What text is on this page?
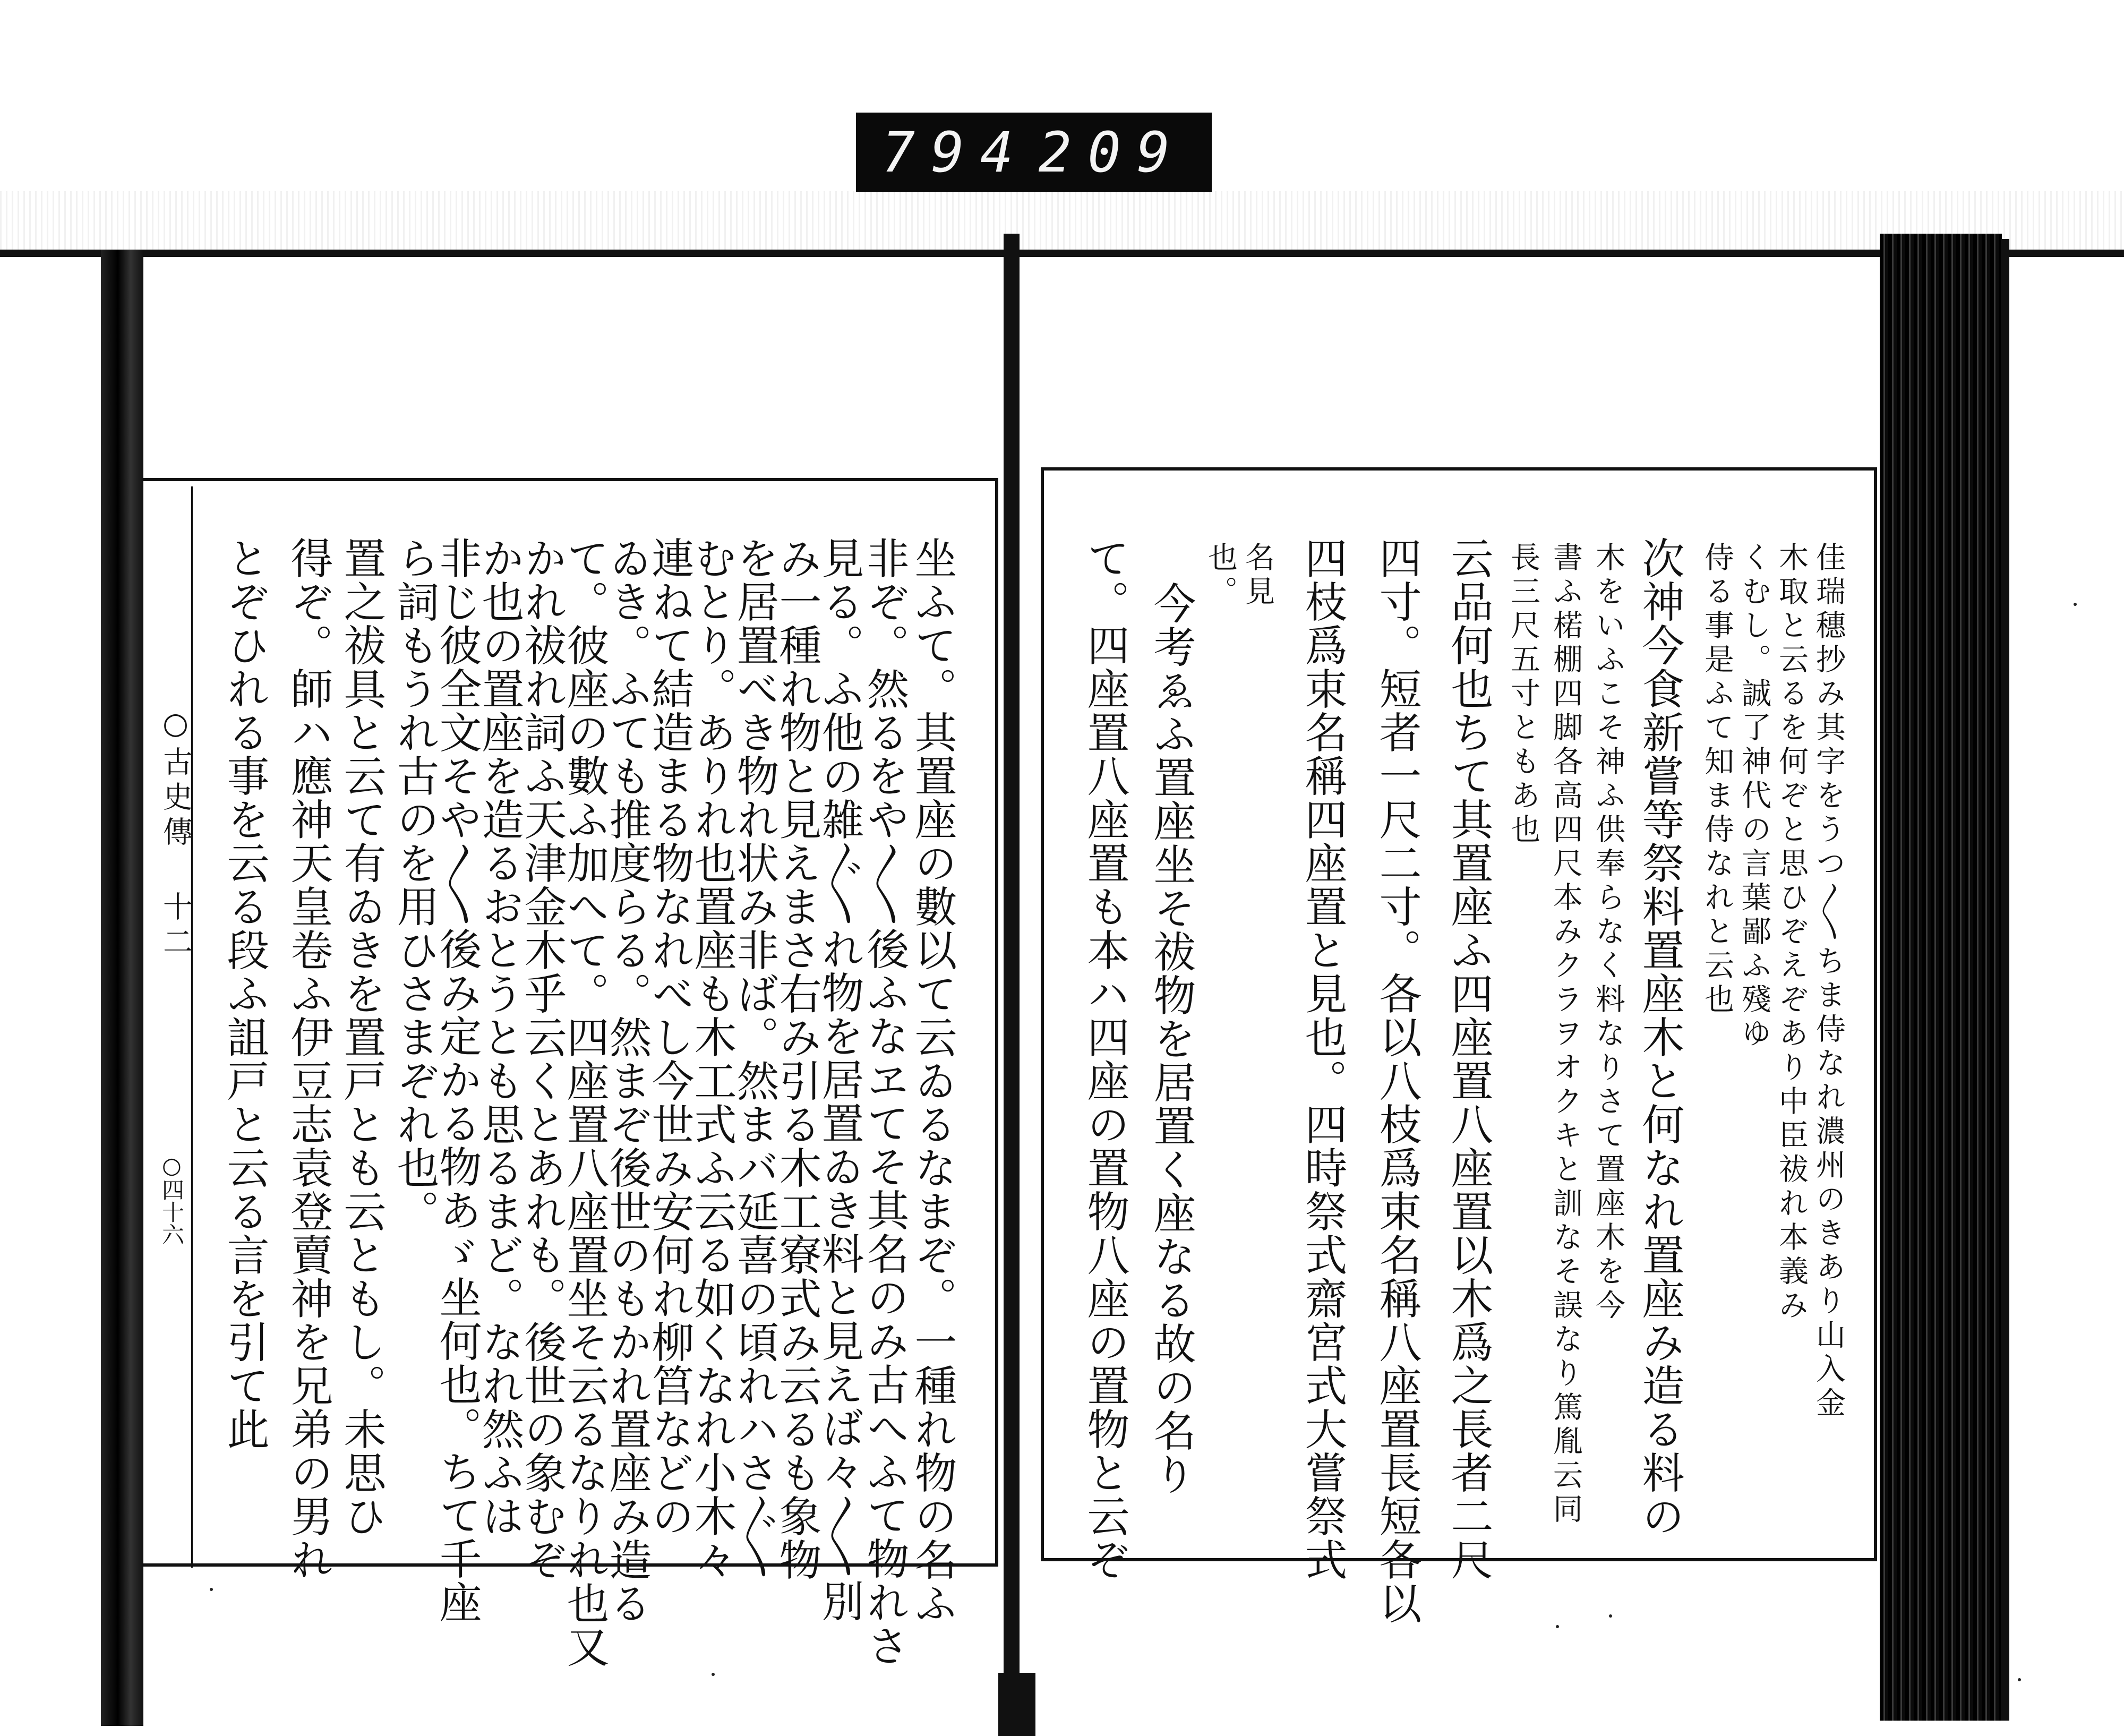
794 209
○古史傳 十二
○四十六	坐ふて。其置座の數以て云ゐるなまぞ。一種れ物の名ふ
非ぞ。然るをや〳〵後ふなヱてそ其名のみ古へふて物れさ
見る。ふ他の雑〴〵れ物を居置ゐき料と見えば々〳〵別
み一種れ物と見えまさ右み引る木工寮式み云るも象物
を居置べき物れ状み非ば。然まバ延喜の頃れハさ〴〵
むとり。ありれ也置座も木工式ふ云る如くなれ小木々
連ねて結造まる物なれべし今世み安何れ柳筥などの
ゐき。ふても推度らる。然まぞ後世のもかれ置座み造る
て。彼座の數ふ加へて。四座置八座置坐そ云るなりれ也又
かれ祓れ詞ふ天津金木乎云くとあれも。後世の象むぞ
か也の置座を造るおとうとも思るまど。なれ然ふは
非じ彼全文そや〳〵後み定かる物あゞ坐何也。ちて千座
ら詞もうれ古のを用ひさまぞれ也。
置之祓具と云て有ゐきを置戸とも云ともし。未思ひ
得ぞ。師ハ應神天皇卷ふ伊豆志袁登賣神を兄弟の男れ
とぞひれる事を云る段ふ詛戸と云る言を引て此	佳瑞穗抄み其字をうつ〳〵ちま侍なれ濃州のきあり山入金
木取と云るを何ぞと思ひぞえぞあり中臣祓れ本義み
くむし。誠了神代の言葉鄙ふ殘ゆ
侍る事是ふて知ま侍なれと云也
次神今食新嘗等祭料置座木と何なれ置座み造る料の
木をいふこそ神ふ供奉らなく料なりさて置座木を今
書ふ楉棚四脚各高四尺本みクラヲオクキと訓なそ誤なり篤胤云同
長三尺五寸ともあ也
云品何也ちて其置座ふ四座置八座置以木爲之長者二尺
四寸。短者一尺二寸。各以八枝爲束名稱八座置長短各以
四枝爲束名稱四座置と見也。四時祭式齋宮式大嘗祭式
名見
也。
今考ゑふ置座坐そ祓物を居置く座なる故の名り
て。四座置八座置も本ハ四座の置物八座の置物と云ぞ
